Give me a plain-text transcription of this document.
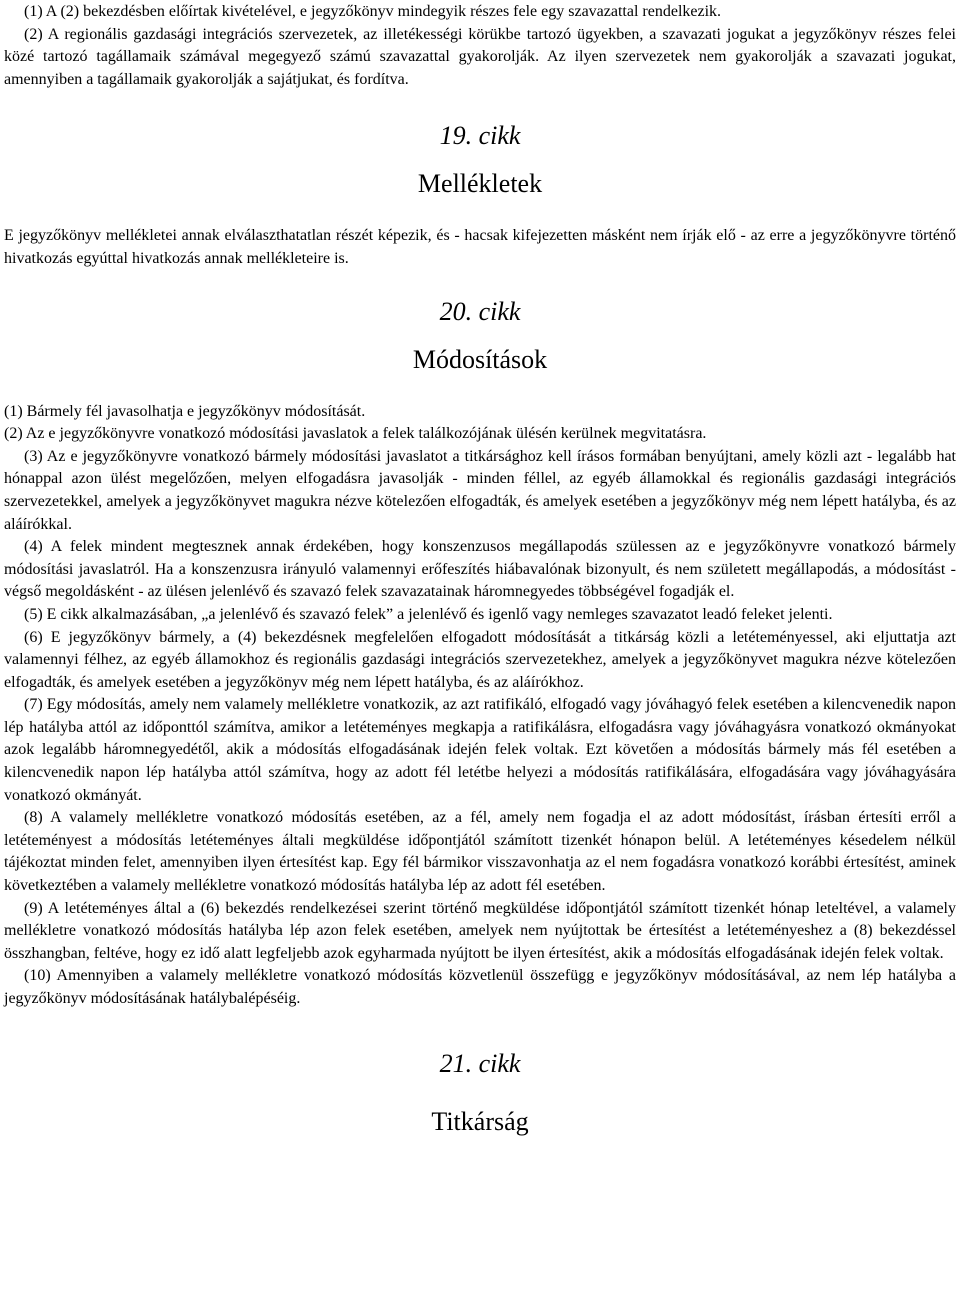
(1) A (2) bekezdésben előírtak kivételével, e jegyzőkönyv mindegyik részes fele egy szavazattal rendelkezik.

(2) A regionális gazdasági integrációs szervezetek, az illetékességi körükbe tartozó ügyekben, a szavazati jogukat a jegyzőkönyv részes felei közé tartozó tagállamaik számával megegyező számú szavazattal gyakorolják. Az ilyen szervezetek nem gyakorolják a szavazati jogukat, amennyiben a tagállamaik gyakorolják a sajátjukat, és fordítva.

19. cikk

Mellékletek

E jegyzőkönyv mellékletei annak elválaszthatatlan részét képezik, és - hacsak kifejezetten másként nem írják elő - az erre a jegyzőkönyvre történő hivatkozás egyúttal hivatkozás annak mellékleteire is.

20. cikk

Módosítások

(1) Bármely fél javasolhatja e jegyzőkönyv módosítását.

(2) Az e jegyzőkönyvre vonatkozó módosítási javaslatok a felek találkozójának ülésén kerülnek megvitatásra.

(3) Az e jegyzőkönyvre vonatkozó bármely módosítási javaslatot a titkársághoz kell írásos formában benyújtani, amely közli azt - legalább hat hónappal azon ülést megelőzően, melyen elfogadásra javasolják - minden féllel, az egyéb államokkal és regionális gazdasági integrációs szervezetekkel, amelyek a jegyzőkönyvet magukra nézve kötelezően elfogadták, és amelyek esetében a jegyzőkönyv még nem lépett hatályba, és az aláírókkal.

(4) A felek mindent megtesznek annak érdekében, hogy konszenzusos megállapodás szülessen az e jegyzőkönyvre vonatkozó bármely módosítási javaslatról. Ha a konszenzusra irányuló valamennyi erőfeszítés hiábavalónak bizonyult, és nem született megállapodás, a módosítást - végső megoldásként - az ülésen jelenlévő és szavazó felek szavazatainak háromnegyedes többségével fogadják el.

(5) E cikk alkalmazásában, „a jelenlévő és szavazó felek” a jelenlévő és igenlő vagy nemleges szavazatot leadó feleket jelenti.

(6) E jegyzőkönyv bármely, a (4) bekezdésnek megfelelően elfogadott módosítását a titkárság közli a letéteményessel, aki eljuttatja azt valamennyi félhez, az egyéb államokhoz és regionális gazdasági integrációs szervezetekhez, amelyek a jegyzőkönyvet magukra nézve kötelezően elfogadták, és amelyek esetében a jegyzőkönyv még nem lépett hatályba, és az aláírókhoz.

(7) Egy módosítás, amely nem valamely mellékletre vonatkozik, az azt ratifikáló, elfogadó vagy jóváhagyó felek esetében a kilencvenedik napon lép hatályba attól az időponttól számítva, amikor a letéteményes megkapja a ratifikálásra, elfogadásra vagy jóváhagyásra vonatkozó okmányokat azok legalább háromnegyedétől, akik a módosítás elfogadásának idején felek voltak. Ezt követően a módosítás bármely más fél esetében a kilencvenedik napon lép hatályba attól számítva, hogy az adott fél letétbe helyezi a módosítás ratifikálására, elfogadására vagy jóváhagyására vonatkozó okmányát.

(8) A valamely mellékletre vonatkozó módosítás esetében, az a fél, amely nem fogadja el az adott módosítást, írásban értesíti erről a letéteményest a módosítás letéteményes általi megküldése időpontjától számított tizenkét hónapon belül. A letéteményes késedelem nélkül tájékoztat minden felet, amennyiben ilyen értesítést kap. Egy fél bármikor visszavonhatja az el nem fogadásra vonatkozó korábbi értesítést, aminek következtében a valamely mellékletre vonatkozó módosítás hatályba lép az adott fél esetében.

(9) A letéteményes által a (6) bekezdés rendelkezései szerint történő megküldése időpontjától számított tizenkét hónap leteltével, a valamely mellékletre vonatkozó módosítás hatályba lép azon felek esetében, amelyek nem nyújtottak be értesítést a letéteményeshez a (8) bekezdéssel összhangban, feltéve, hogy ez idő alatt legfeljebb azok egyharmada nyújtott be ilyen értesítést, akik a módosítás elfogadásának idején felek voltak.

(10) Amennyiben a valamely mellékletre vonatkozó módosítás közvetlenül összefügg e jegyzőkönyv módosításával, az nem lép hatályba a jegyzőkönyv módosításának hatálybalépéséig.

21. cikk

Titkárság
